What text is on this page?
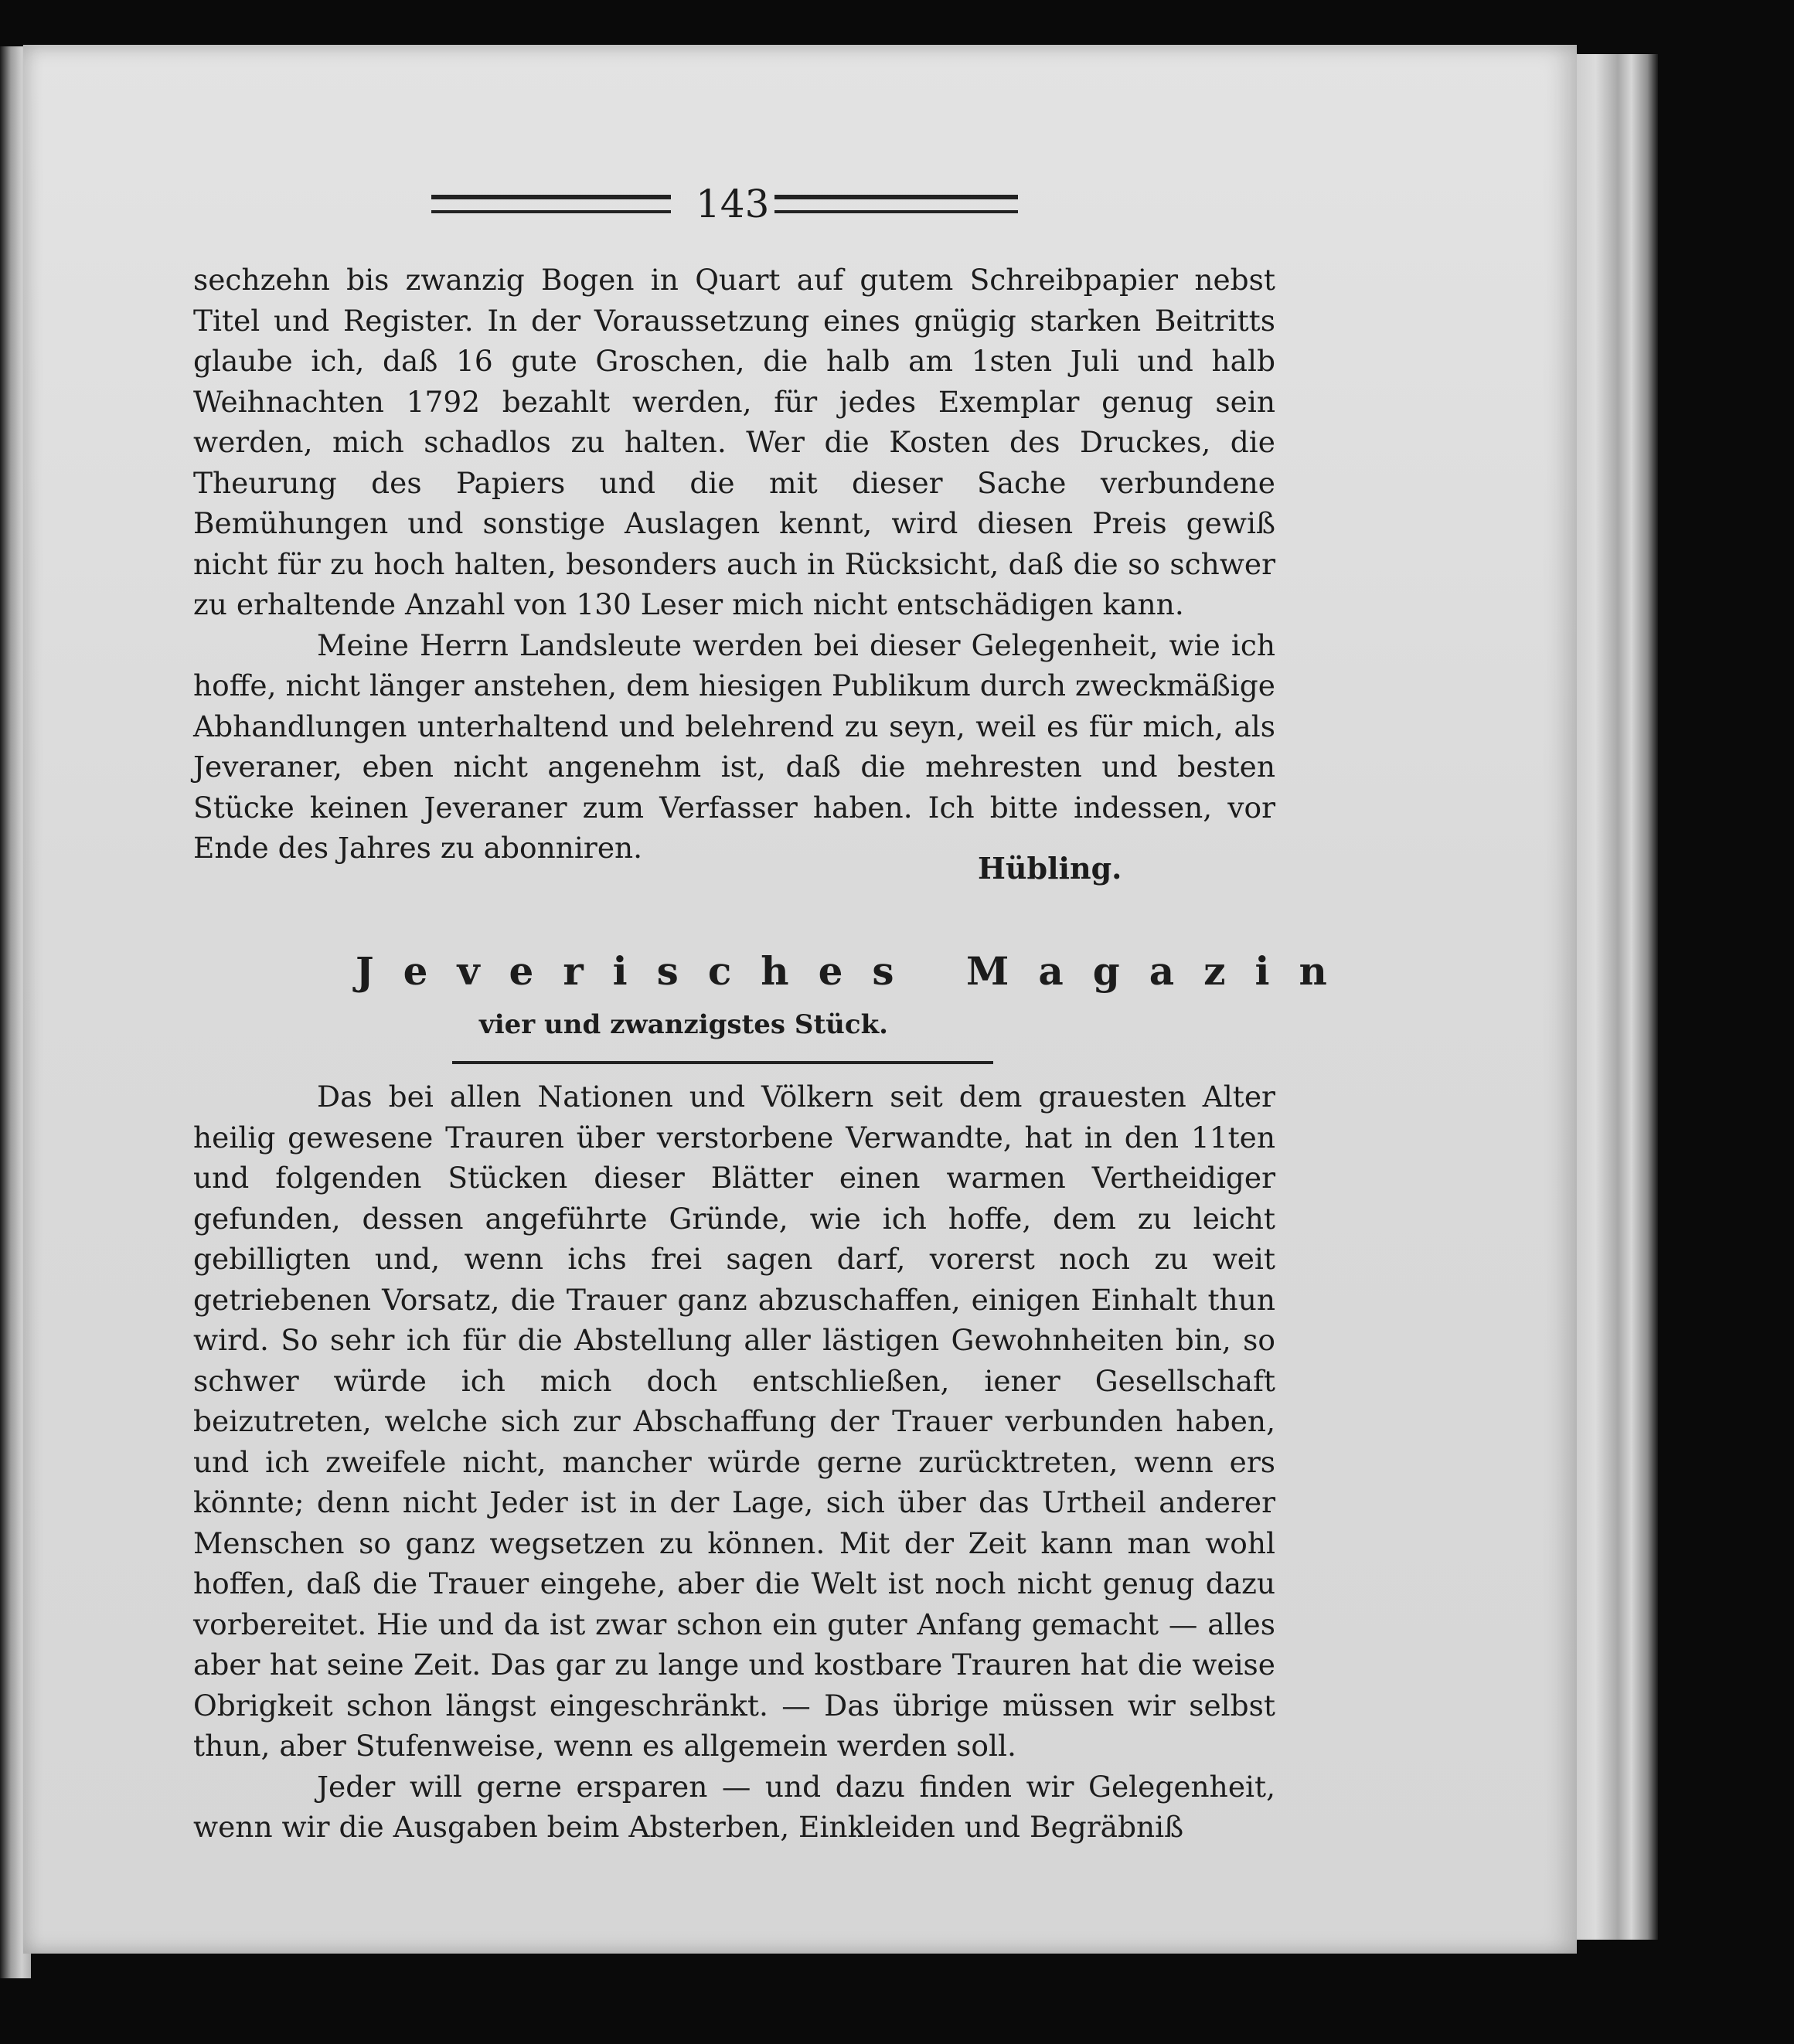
143

sechzehn bis zwanzig Bogen in Quart auf gutem Schreibpapier nebst Titel und Register. In der Voraussetzung eines gnügig starken Beitritts glaube ich, daß 16 gute Groschen, die halb am 1sten Juli und halb Weihnachten 1792 bezahlt werden, für jedes Exemplar genug sein werden, mich schadlos zu halten. Wer die Kosten des Druckes, die Theurung des Papiers und die mit dieser Sache verbundene Bemühungen und sonstige Auslagen kennt, wird diesen Preis gewiß nicht für zu hoch halten, besonders auch in Rücksicht, daß die so schwer zu erhaltende Anzahl von 130 Leser mich nicht entschädigen kann.

Meine Herrn Landsleute werden bei dieser Gelegenheit, wie ich hoffe, nicht länger anstehen, dem hiesigen Publikum durch zweckmäßige Abhandlungen unterhaltend und belehrend zu seyn, weil es für mich, als Jeveraner, eben nicht angenehm ist, daß die mehresten und besten Stücke keinen Jeveraner zum Verfasser haben. Ich bitte indessen, vor Ende des Jahres zu abonniren.

Hübling.
Jeverisches Magazin
vier und zwanzigstes Stück.

Das bei allen Nationen und Völkern seit dem grauesten Alter heilig gewesene Trauren über verstorbene Verwandte, hat in den 11ten und folgenden Stücken dieser Blätter einen warmen Vertheidiger gefunden, dessen angeführte Gründe, wie ich hoffe, dem zu leicht gebilligten und, wenn ichs frei sagen darf, vorerst noch zu weit getriebenen Vorsatz, die Trauer ganz abzuschaffen, einigen Einhalt thun wird. So sehr ich für die Abstellung aller lästigen Gewohnheiten bin, so schwer würde ich mich doch entschließen, iener Gesellschaft beizutreten, welche sich zur Abschaffung der Trauer verbunden haben, und ich zweifele nicht, mancher würde gerne zurücktreten, wenn ers könnte; denn nicht Jeder ist in der Lage, sich über das Urtheil anderer Menschen so ganz wegsetzen zu können. Mit der Zeit kann man wohl hoffen, daß die Trauer eingehe, aber die Welt ist noch nicht genug dazu vorbereitet. Hie und da ist zwar schon ein guter Anfang gemacht — alles aber hat seine Zeit. Das gar zu lange und kostbare Trauren hat die weise Obrigkeit schon längst eingeschränkt. — Das übrige müssen wir selbst thun, aber Stufenweise, wenn es allgemein werden soll.

Jeder will gerne ersparen — und dazu finden wir Gelegenheit, wenn wir die Ausgaben beim Absterben, Einkleiden und Begräbniß
